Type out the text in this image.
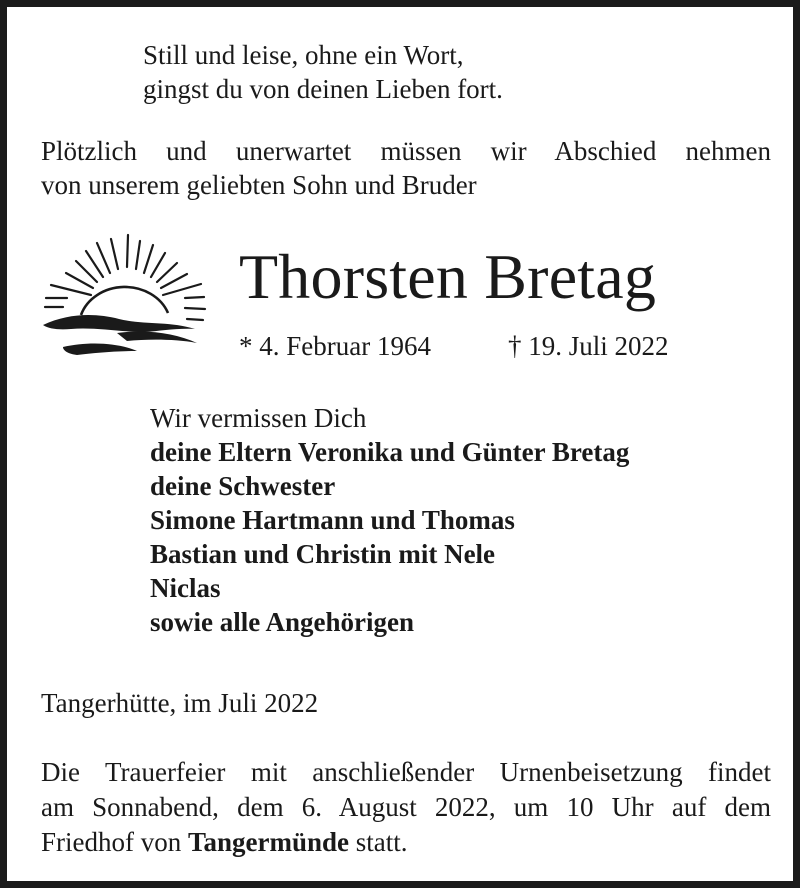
Still und leise, ohne ein Wort,
gingst du von deinen Lieben fort.
Plötzlich und unerwartet müssen wir Abschied nehmen
von unserem geliebten Sohn und Bruder
Thorsten Bretag
* 4. Februar 1964	† 19. Juli 2022
Wir vermissen Dich
deine Eltern Veronika und Günter Bretag
deine Schwester
Simone Hartmann und Thomas
Bastian und Christin mit Nele
Niclas
sowie alle Angehörigen
Tangerhütte, im Juli 2022
Die Trauerfeier mit anschließender Urnenbeisetzung findet
am Sonnabend, dem 6. August 2022, um 10 Uhr auf dem
Friedhof von Tangermünde statt.
